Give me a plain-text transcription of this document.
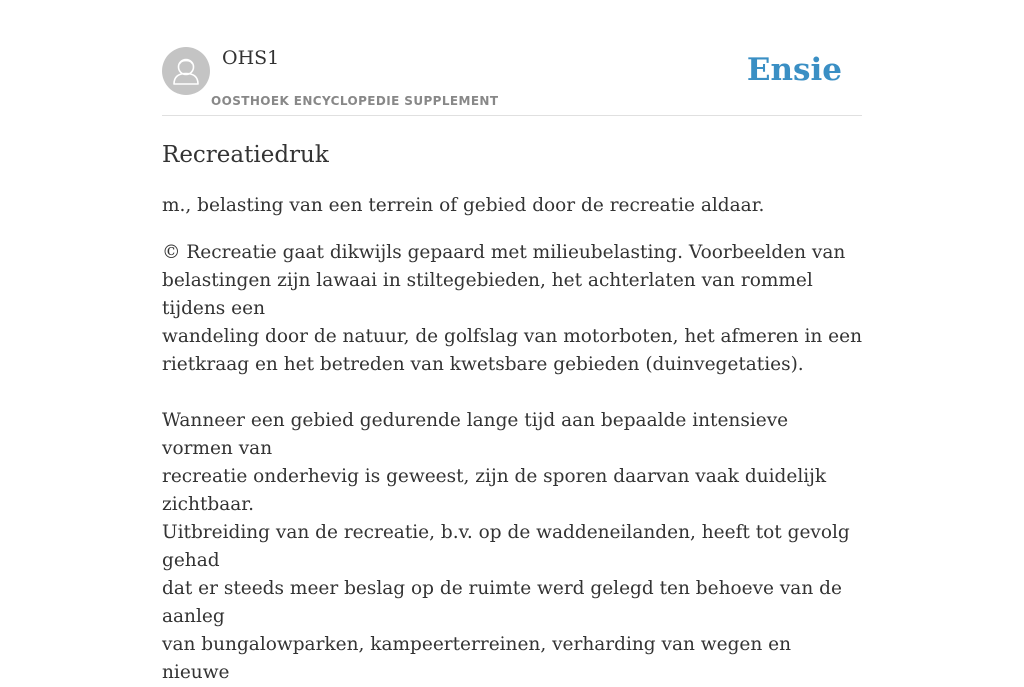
OHS1
OOSTHOEK ENCYCLOPEDIE SUPPLEMENT
Ensie
Recreatiedruk

m., belasting van een terrein of gebied door de recreatie aldaar.

© Recreatie gaat dikwijls gepaard met milieubelasting. Voorbeelden van
belastingen zijn lawaai in stiltegebieden, het achterlaten van rommel tijdens een
wandeling door de natuur, de golfslag van motorboten, het afmeren in een
rietkraag en het betreden van kwetsbare gebieden (duinvegetaties).

Wanneer een gebied gedurende lange tijd aan bepaalde intensieve vormen van
recreatie onderhevig is geweest, zijn de sporen daarvan vaak duidelijk zichtbaar.
Uitbreiding van de recreatie, b.v. op de waddeneilanden, heeft tot gevolg gehad
dat er steeds meer beslag op de ruimte werd gelegd ten behoeve van de aanleg
van bungalowparken, kampeerterreinen, verharding van wegen en nieuwe
